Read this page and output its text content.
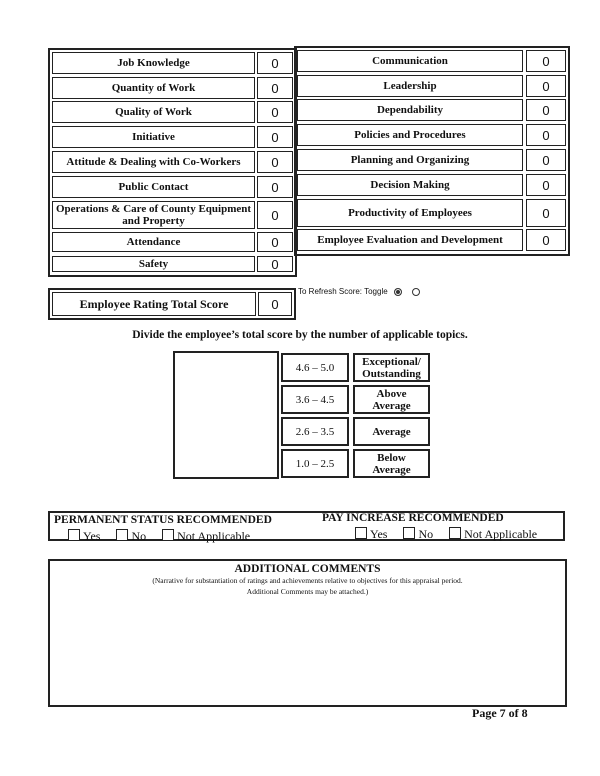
Job Knowledge	0
Quantity of Work	0
Quality of Work	0
Initiative	0
Attitude & Dealing with Co-Workers	0
Public Contact	0
Operations & Care of County Equipment and Property	0
Attendance	0
Safety	0
Communication	0
Leadership	0
Dependability	0
Policies and Procedures	0
Planning and Organizing	0
Decision Making	0
Productivity of Employees	0
Employee Evaluation and Development	0
Employee Rating Total Score	0
To Refresh Score: Toggle
Divide the employee’s total score by the number of applicable topics.
4.6 – 5.0	Exceptional/ Outstanding
3.6 – 4.5	Above Average
2.6 – 3.5	Average
1.0 – 2.5	Below Average
PERMANENT STATUS RECOMMENDED
Yes	No	Not Applicable
PAY INCREASE RECOMMENDED
Yes	No	Not Applicable
ADDITIONAL COMMENTS
(Narrative for substantiation of ratings and achievements relative to objectives for this appraisal period.
Additional Comments may be attached.)
Page 7 of 8
